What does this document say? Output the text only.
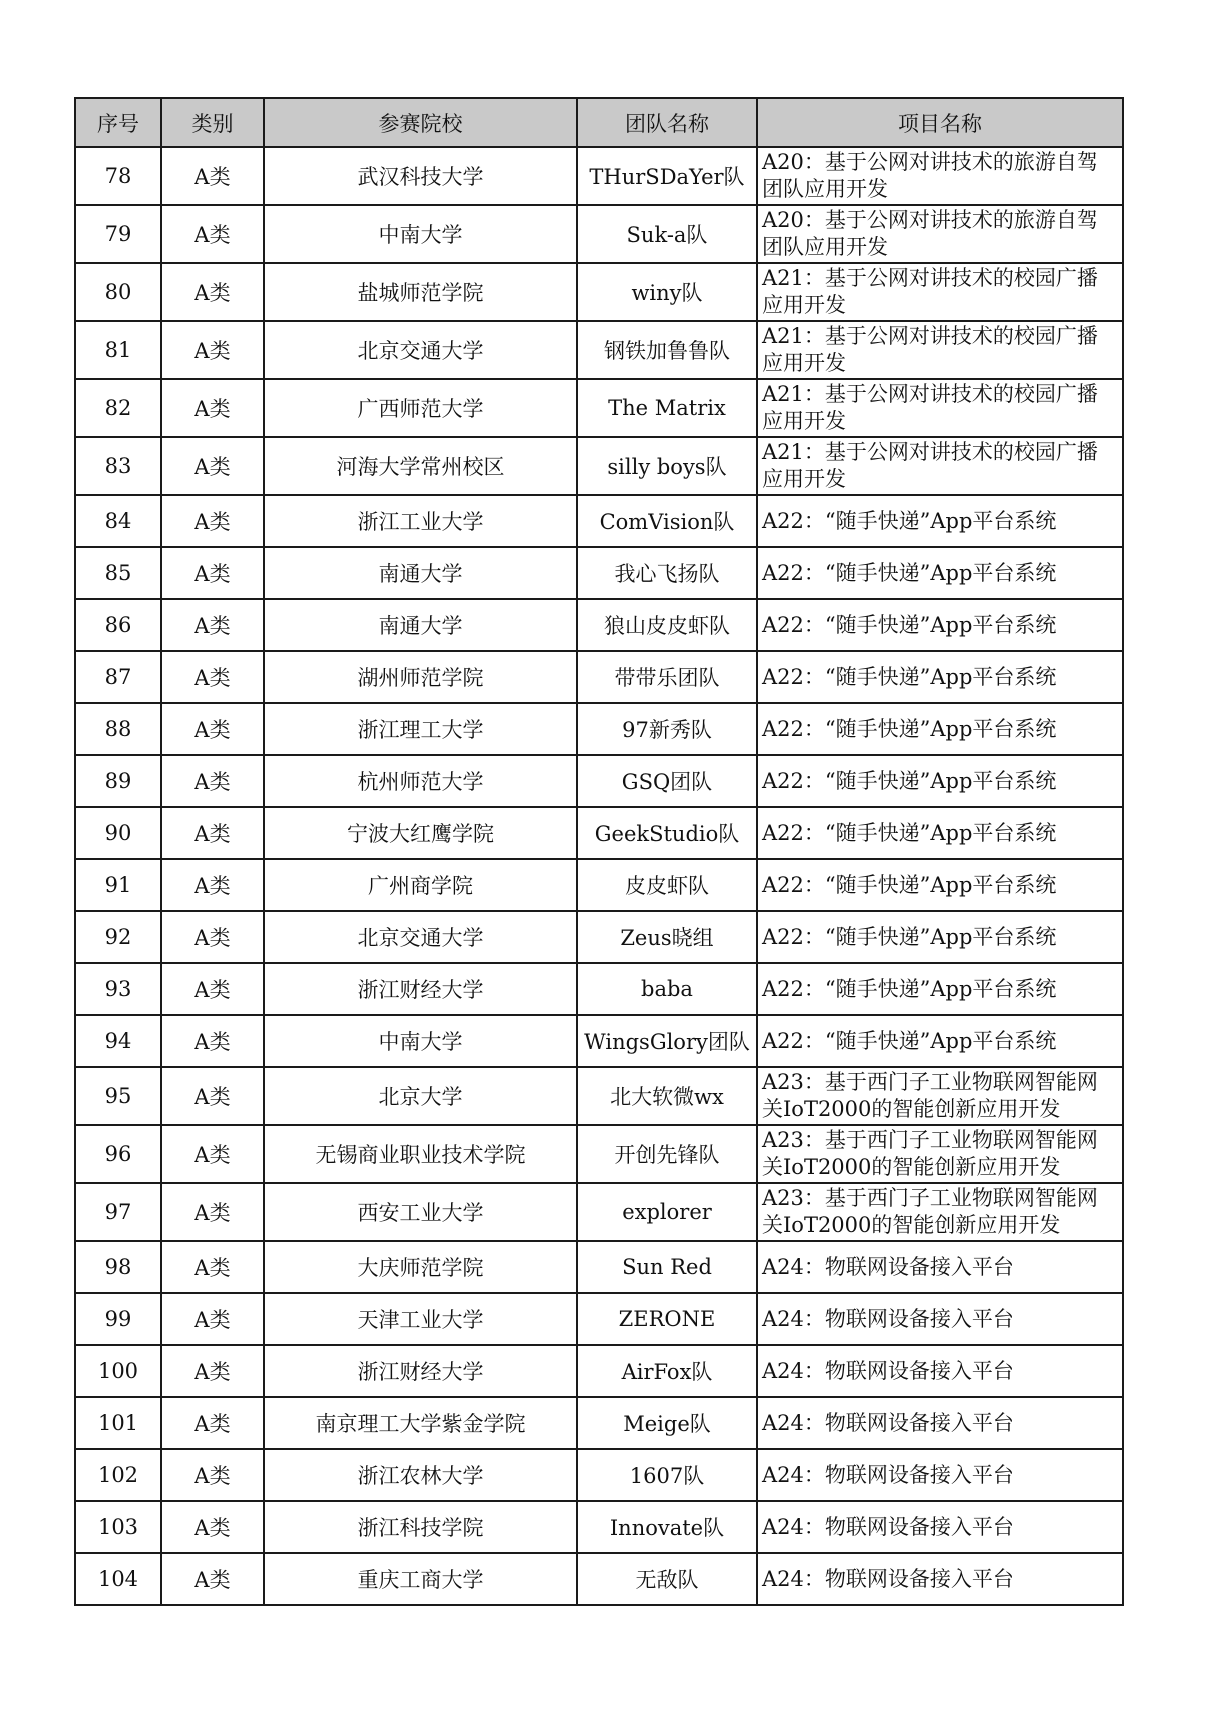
序号	类别	参赛院校	团队名称	项目名称
78	A类	武汉科技大学	THurSDaYer队	A20：基于公网对讲技术的旅游自驾团队应用开发
79	A类	中南大学	Suk-a队	A20：基于公网对讲技术的旅游自驾团队应用开发
80	A类	盐城师范学院	winy队	A21：基于公网对讲技术的校园广播应用开发
81	A类	北京交通大学	钢铁加鲁鲁队	A21：基于公网对讲技术的校园广播应用开发
82	A类	广西师范大学	The Matrix	A21：基于公网对讲技术的校园广播应用开发
83	A类	河海大学常州校区	silly boys队	A21：基于公网对讲技术的校园广播应用开发
84	A类	浙江工业大学	ComVision队	A22：“随手快递”App平台系统
85	A类	南通大学	我心飞扬队	A22：“随手快递”App平台系统
86	A类	南通大学	狼山皮皮虾队	A22：“随手快递”App平台系统
87	A类	湖州师范学院	带带乐团队	A22：“随手快递”App平台系统
88	A类	浙江理工大学	97新秀队	A22：“随手快递”App平台系统
89	A类	杭州师范大学	GSQ团队	A22：“随手快递”App平台系统
90	A类	宁波大红鹰学院	GeekStudio队	A22：“随手快递”App平台系统
91	A类	广州商学院	皮皮虾队	A22：“随手快递”App平台系统
92	A类	北京交通大学	Zeus晓组	A22：“随手快递”App平台系统
93	A类	浙江财经大学	baba	A22：“随手快递”App平台系统
94	A类	中南大学	WingsGlory团队	A22：“随手快递”App平台系统
95	A类	北京大学	北大软微wx	A23：基于西门子工业物联网智能网关IoT2000的智能创新应用开发
96	A类	无锡商业职业技术学院	开创先锋队	A23：基于西门子工业物联网智能网关IoT2000的智能创新应用开发
97	A类	西安工业大学	explorer	A23：基于西门子工业物联网智能网关IoT2000的智能创新应用开发
98	A类	大庆师范学院	Sun Red	A24：物联网设备接入平台
99	A类	天津工业大学	ZERONE	A24：物联网设备接入平台
100	A类	浙江财经大学	AirFox队	A24：物联网设备接入平台
101	A类	南京理工大学紫金学院	Meige队	A24：物联网设备接入平台
102	A类	浙江农林大学	1607队	A24：物联网设备接入平台
103	A类	浙江科技学院	Innovate队	A24：物联网设备接入平台
104	A类	重庆工商大学	无敌队	A24：物联网设备接入平台
